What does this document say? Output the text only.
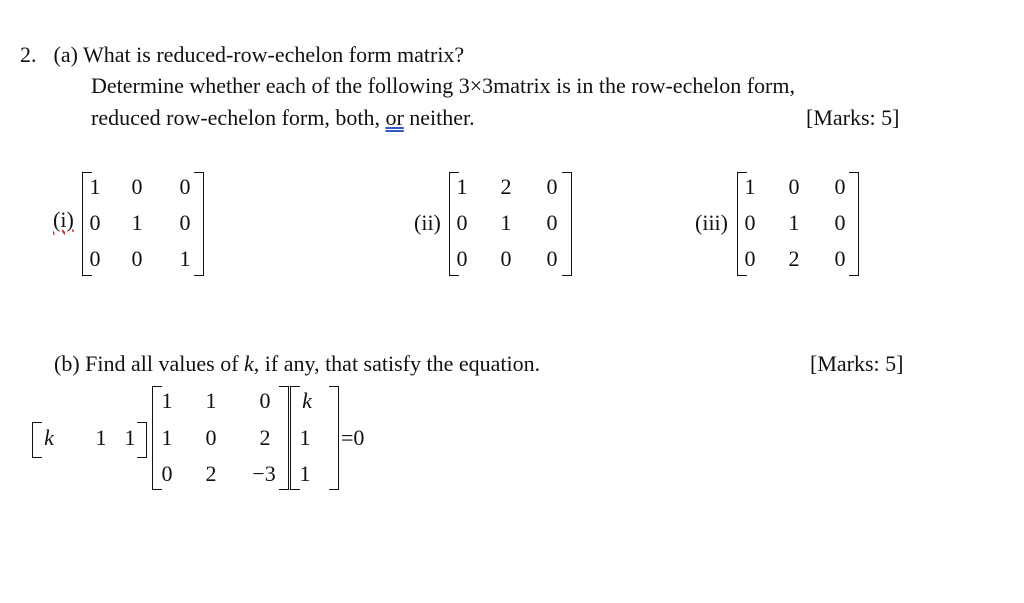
2. (a) What is reduced-row-echelon form matrix?
Determine whether each of the following 3×3matrix is in the row-echelon form,
reduced row-echelon form, both, or neither.	[Marks: 5]
(i)
1	0	0
0	1	0
0	0	1
(ii)
1	2	0
0	1	0
0	0	0
(iii)
1	0	0
0	1	0
0	2	0
(b) Find all values of k, if any, that satisfy the equation.	[Marks: 5]
k	1 1
1	1	0
1	0	2
0	2	−3
k
1
1
=0
